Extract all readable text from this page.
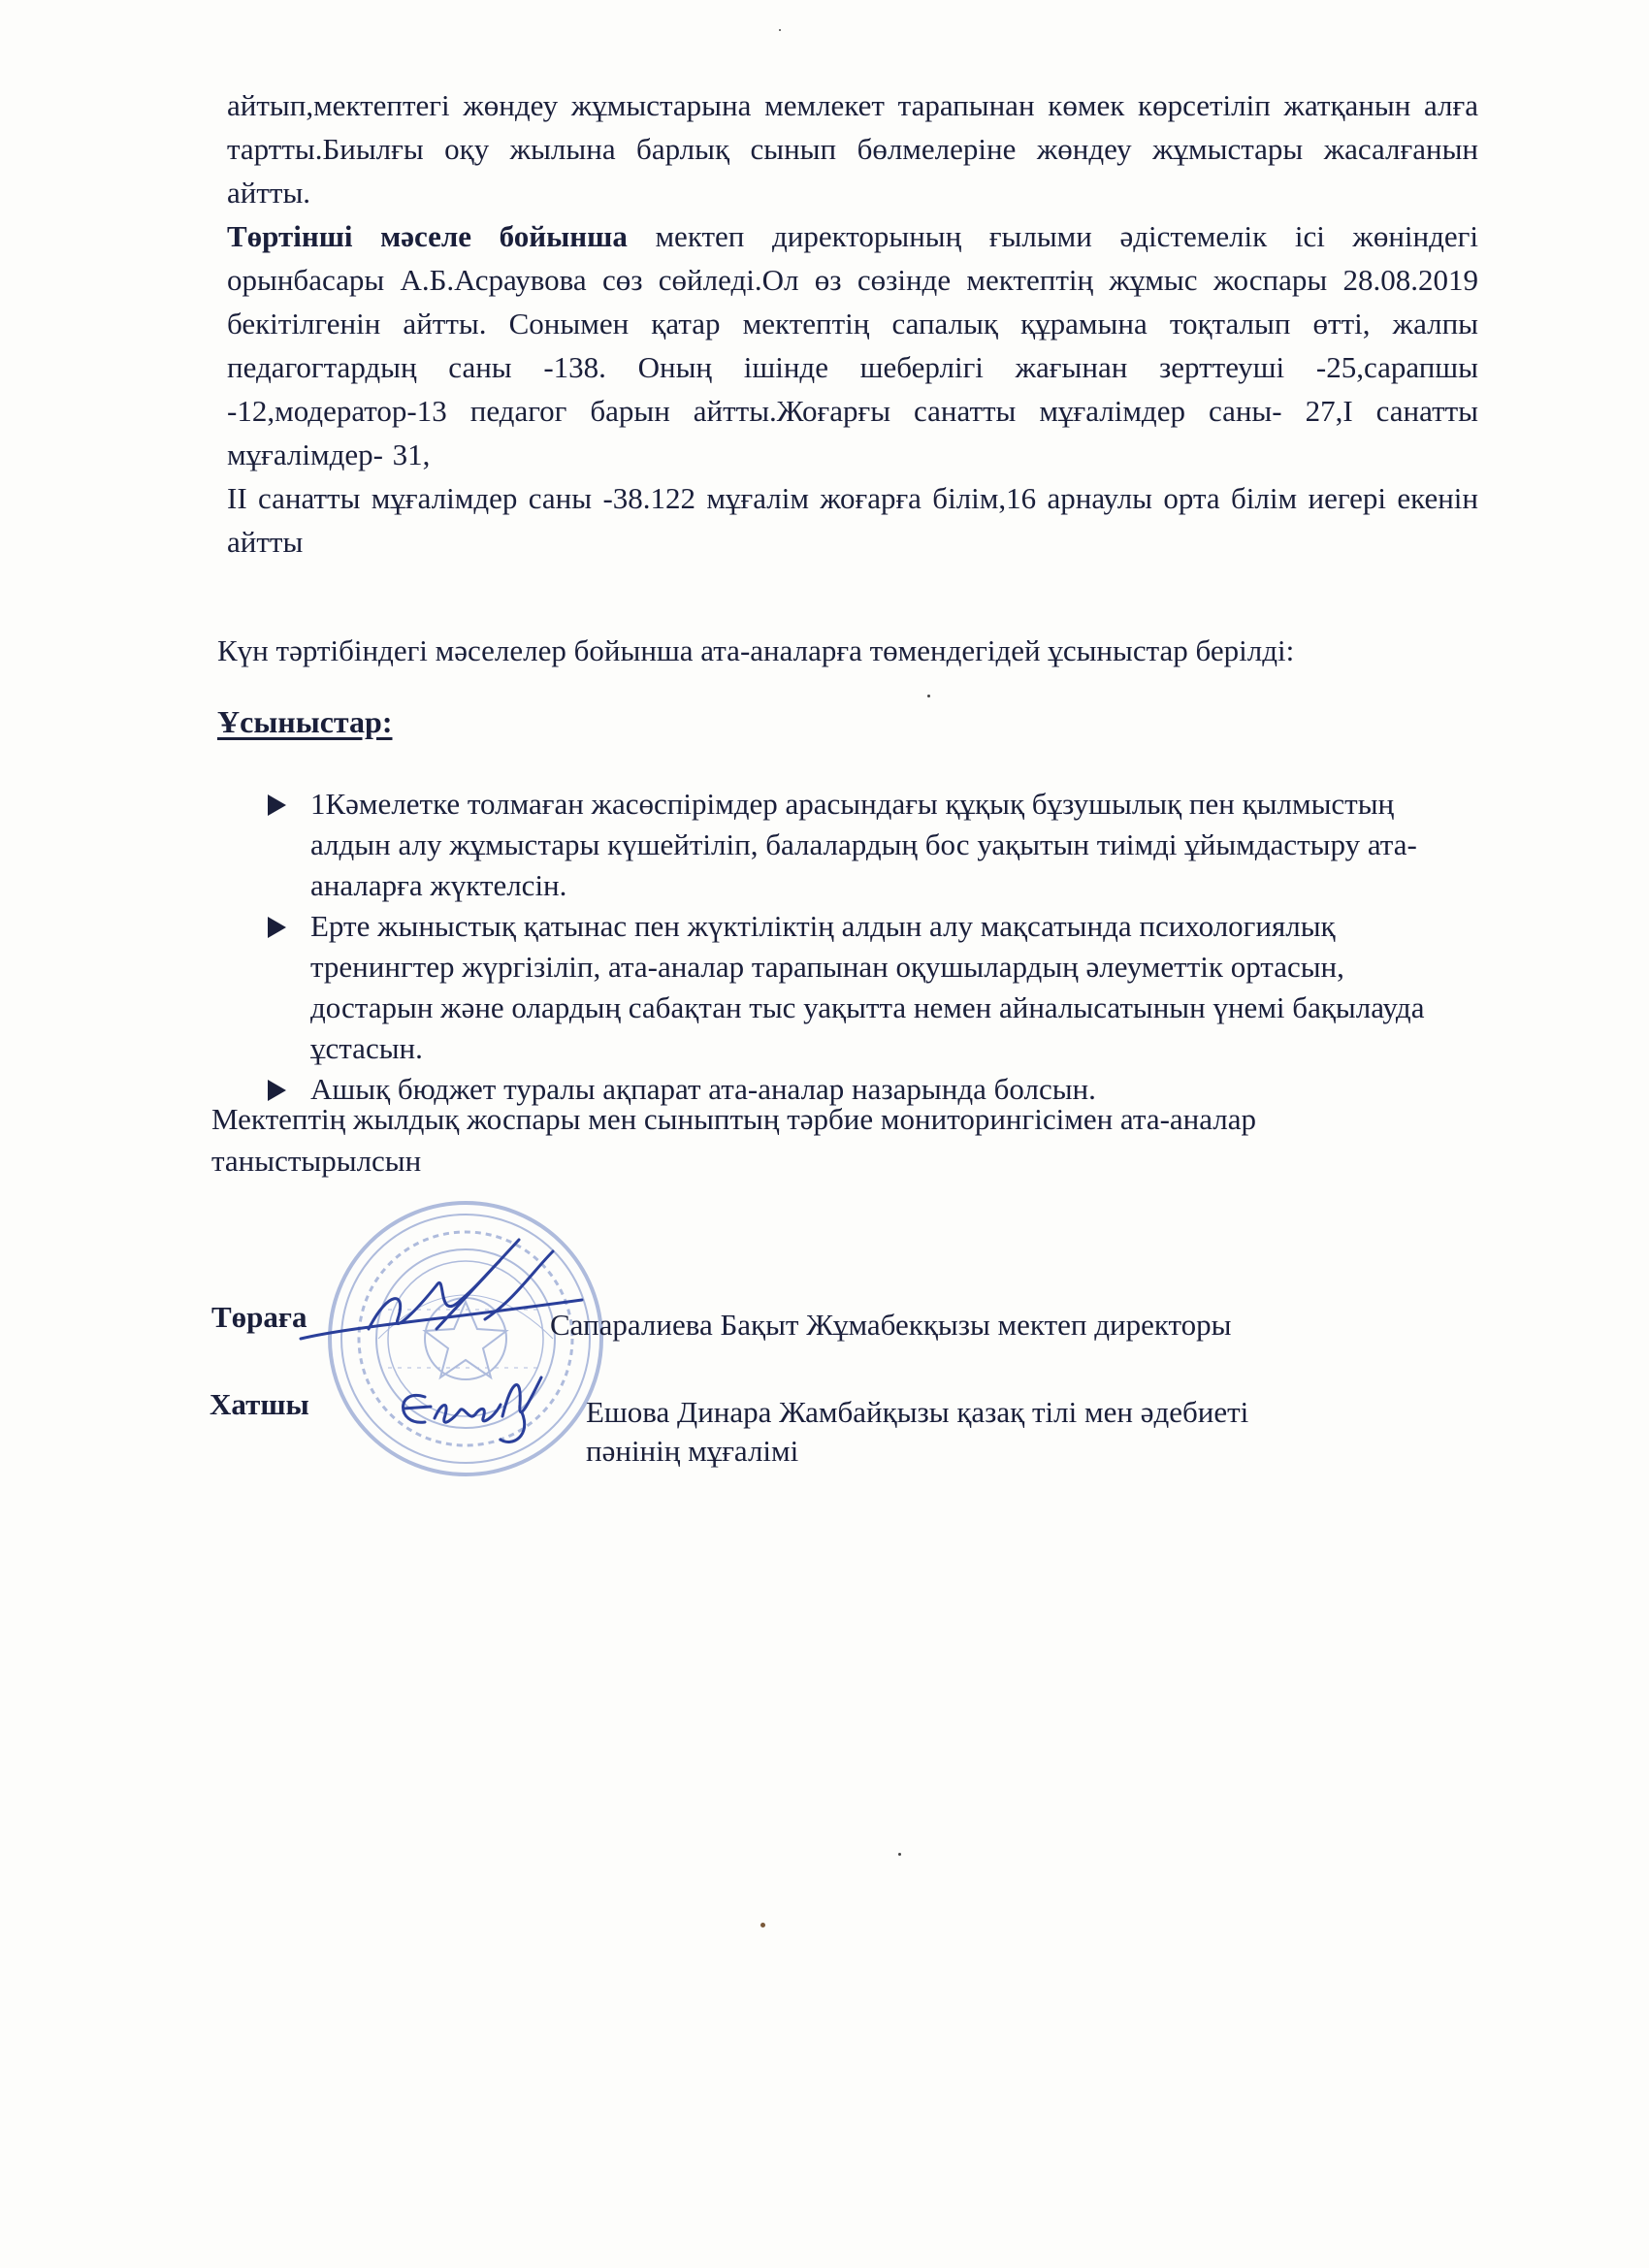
айтып,мектептегі жөндеу жұмыстарына мемлекет тарапынан көмек көрсетіліп жатқанын алға тартты.Биылғы оқу жылына барлық сынып бөлмелеріне жөндеу жұмыстары жасалғанын айтты.

Төртінші мәселе бойынша мектеп директорының ғылыми әдістемелік ісі жөніндегі орынбасары А.Б.Асраувова сөз сөйледі.Ол өз сөзінде мектептің жұмыс жоспары 28.08.2019 бекітілгенін айтты. Сонымен қатар мектептің сапалық құрамына тоқталып өтті, жалпы педагогтардың саны -138. Оның ішінде шеберлігі жағынан зерттеуші -25,сарапшы -12,модератор-13 педагог барын айтты.Жоғарғы санатты мұғалімдер саны- 27,І санатты мұғалімдер- 31,

ІІ санатты мұғалімдер саны -38.122 мұғалім жоғарға білім,16 арнаулы орта білім иегері екенін айтты

Күн тәртібіндегі мәселелер бойынша ата-аналарға төмендегідей ұсыныстар берілді:
Ұсыныстар:
1Кәмелетке толмаған жасөспірімдер арасындағы құқық бұзушылық пен қылмыстың алдын алу жұмыстары күшейтіліп, балалардың бос уақытын тиімді ұйымдастыру ата-аналарға жүктелсін.
Ерте жыныстық қатынас пен жүктіліктің алдын алу мақсатында психологиялық тренингтер жүргізіліп, ата-аналар тарапынан оқушылардың әлеуметтік ортасын, достарын және олардың сабақтан тыс уақытта немен айналысатынын үнемі бақылауда ұстасын.
Ашық бюджет туралы ақпарат ата-аналар назарында болсын.

Мектептің жылдық жоспары мен сыныптың тәрбие мониторингісімен ата-аналар таныстырылсын

Төраға	Сапаралиева Бақыт Жұмабекқызы мектеп директоры
Хатшы	Ешова Динара Жамбайқызы қазақ тілі мен әдебиеті
пәнінің мұғалімі
